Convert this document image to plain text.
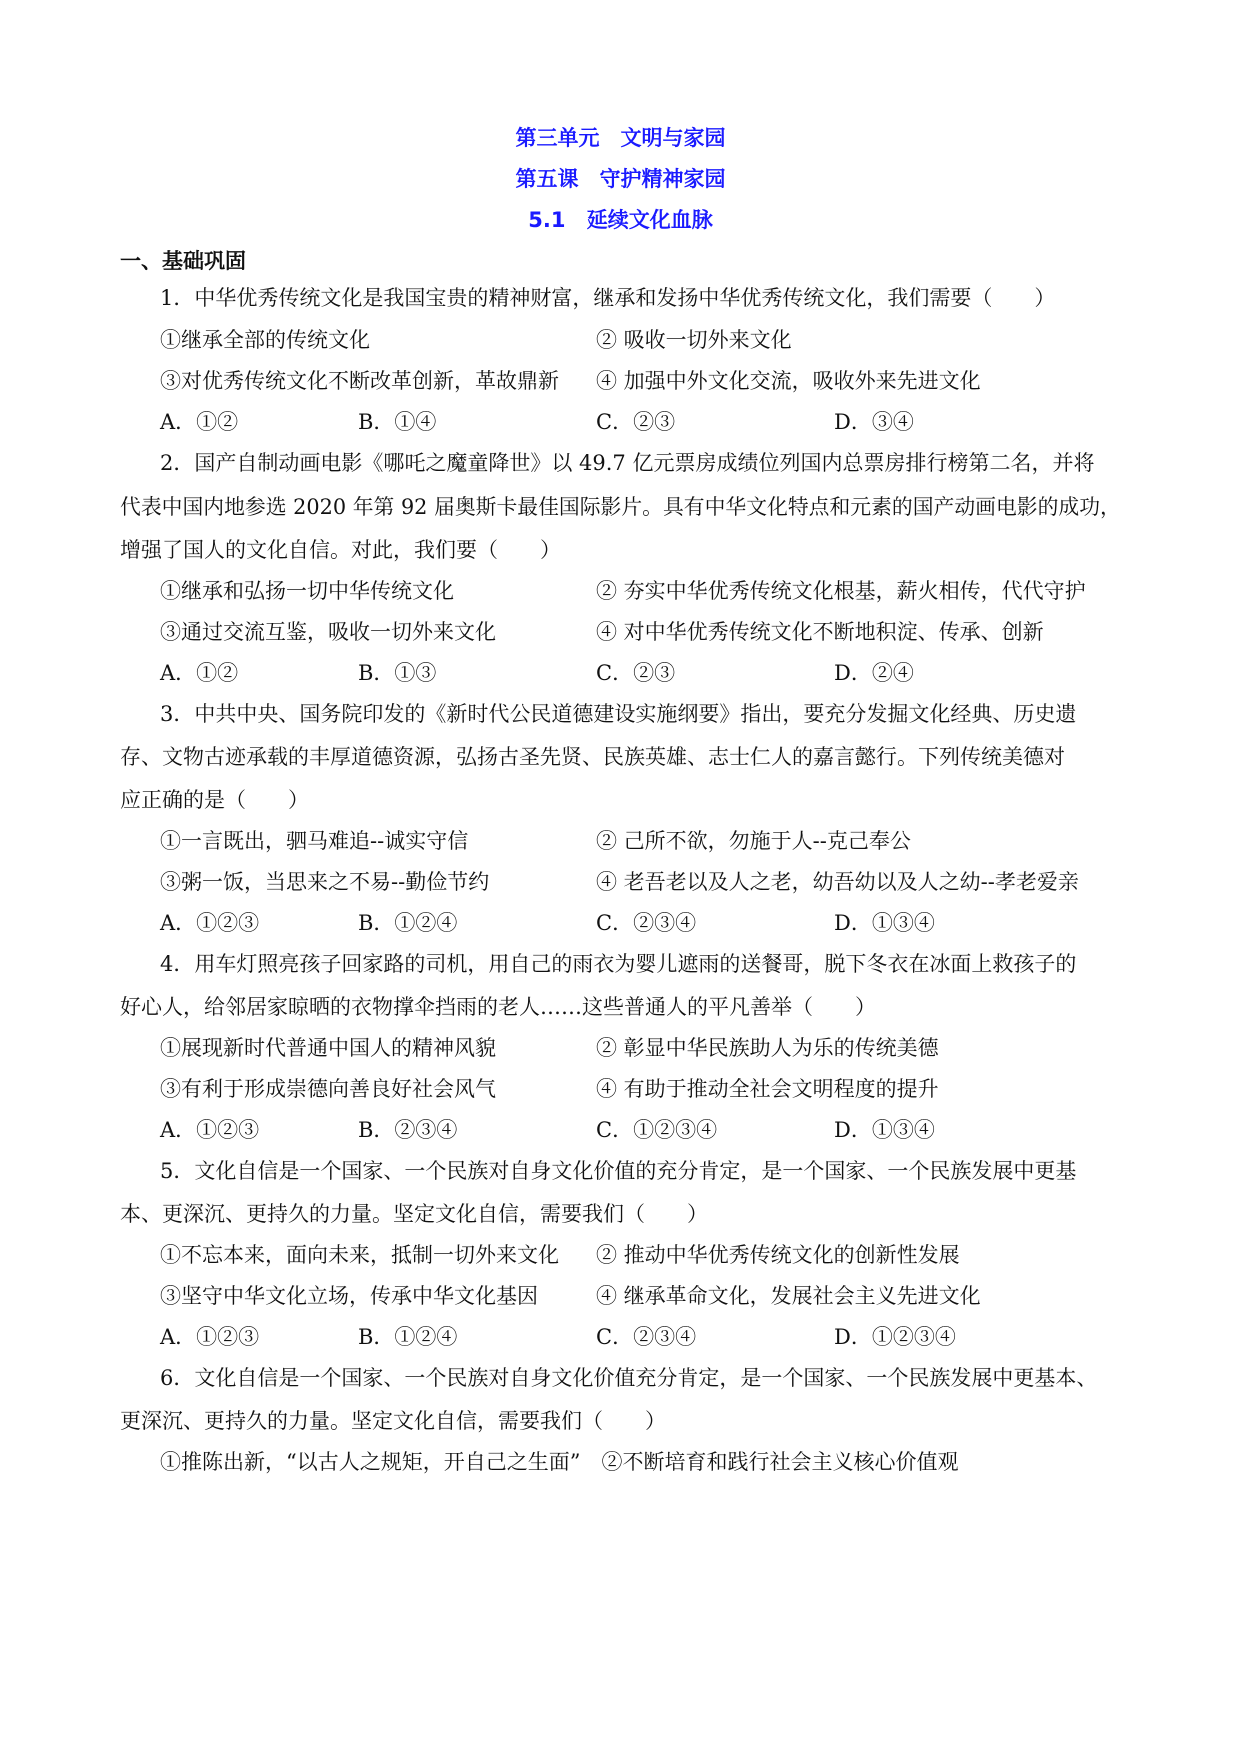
第三单元　文明与家园
第五课　守护精神家园
5.1 延续文化血脉
一、基础巩固
1．中华优秀传统文化是我国宝贵的精神财富，继承和发扬中华优秀传统文化，我们需要（　　）
①继承全部的传统文化	② 吸收一切外来文化
③对优秀传统文化不断改革创新，革故鼎新 ④ 加强中外文化交流，吸收外来先进文化
A．①②	B．①④	C．②③	D．③④
2．国产自制动画电影《哪吒之魔童降世》以 49.7 亿元票房成绩位列国内总票房排行榜第二名，并将
代表中国内地参选 2020 年第 92 届奥斯卡最佳国际影片。具有中华文化特点和元素的国产动画电影的成功，
增强了国人的文化自信。对此，我们要（　　）
①继承和弘扬一切中华传统文化	② 夯实中华优秀传统文化根基，薪火相传，代代守护
③通过交流互鉴，吸收一切外来文化	④ 对中华优秀传统文化不断地积淀、传承、创新
A．①②	B．①③	C．②③	D．②④
3．中共中央、国务院印发的《新时代公民道德建设实施纲要》指出，要充分发掘文化经典、历史遗
存、文物古迹承载的丰厚道德资源，弘扬古圣先贤、民族英雄、志士仁人的嘉言懿行。下列传统美德对
应正确的是（　　）
①一言既出，驷马难追--诚实守信	② 己所不欲，勿施于人--克己奉公
③粥一饭，当思来之不易--勤俭节约	④ 老吾老以及人之老，幼吾幼以及人之幼--孝老爱亲
A．①②③	B．①②④	C．②③④	D．①③④
4．用车灯照亮孩子回家路的司机，用自己的雨衣为婴儿遮雨的送餐哥，脱下冬衣在冰面上救孩子的
好心人，给邻居家晾晒的衣物撑伞挡雨的老人……这些普通人的平凡善举（　　）
①展现新时代普通中国人的精神风貌	② 彰显中华民族助人为乐的传统美德
③有利于形成崇德向善良好社会风气	④ 有助于推动全社会文明程度的提升
A．①②③	B．②③④	C．①②③④	D．①③④
5．文化自信是一个国家、一个民族对自身文化价值的充分肯定，是一个国家、一个民族发展中更基
本、更深沉、更持久的力量。坚定文化自信，需要我们（　　）
①不忘本来，面向未来，抵制一切外来文化 ② 推动中华优秀传统文化的创新性发展
③坚守中华文化立场，传承中华文化基因	④ 继承革命文化，发展社会主义先进文化
A．①②③	B．①②④	C．②③④	D．①②③④
6．文化自信是一个国家、一个民族对自身文化价值充分肯定，是一个国家、一个民族发展中更基本、
更深沉、更持久的力量。坚定文化自信，需要我们（　　）
①推陈出新，“以古人之规矩，开自己之生面”　②不断培育和践行社会主义核心价值观
